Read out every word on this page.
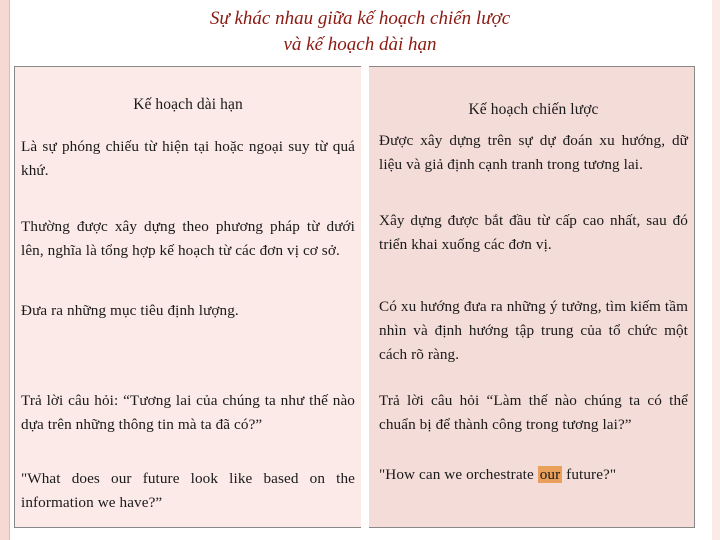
Sự khác nhau giữa kế hoạch chiến lược
và kế hoạch dài hạn
Kế hoạch dài hạn	Kế hoạch chiến lược
Là sự phóng chiếu từ hiện tại hoặc ngoại suy từ quá khứ.	Được xây dựng trên sự dự đoán xu hướng, dữ liệu và giả định cạnh tranh trong tương lai.
Thường được xây dựng theo phương pháp từ dưới lên, nghĩa là tổng hợp kế hoạch từ các đơn vị cơ sở.	Xây dựng được bắt đầu từ cấp cao nhất, sau đó triển khai xuống các đơn vị.
Đưa ra những mục tiêu định lượng.	Có xu hướng đưa ra những ý tưởng, tìm kiếm tầm nhìn và định hướng tập trung của tổ chức một cách rõ ràng.
Trả lời câu hỏi: “Tương lai của chúng ta như thế nào dựa trên những thông tin mà ta đã có?”	Trả lời câu hỏi “Làm thế nào chúng ta có thể chuẩn bị để thành công trong tương lai?”
"What does our future look like based on the information we have?”	"How can we orchestrate our future?"
